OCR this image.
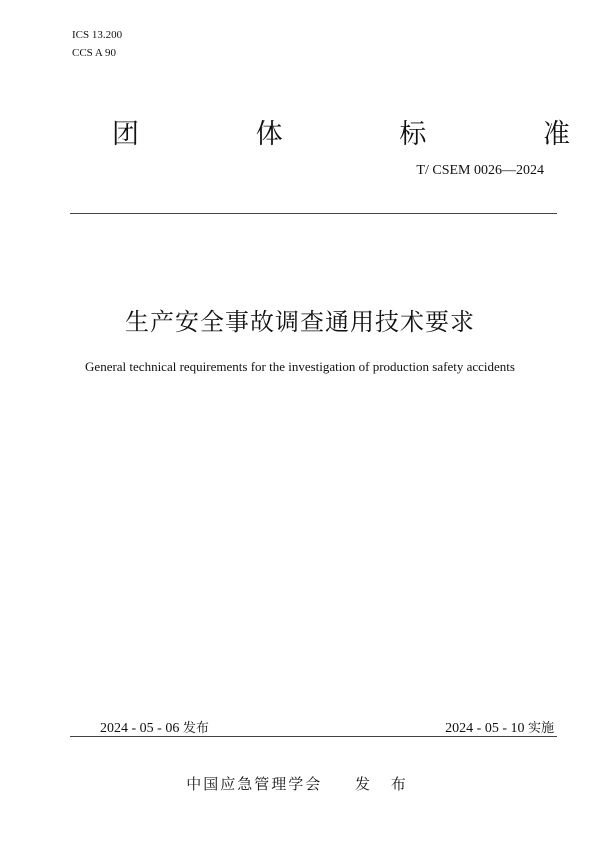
ICS 13.200
CCS A 90
团	体	标	准
T/ CSEM 0026—2024
生产安全事故调查通用技术要求
General technical requirements for the investigation of production safety accidents
2024 - 05 - 06 发布	2024 - 05 - 10 实施
中国应急管理学会 发 布
